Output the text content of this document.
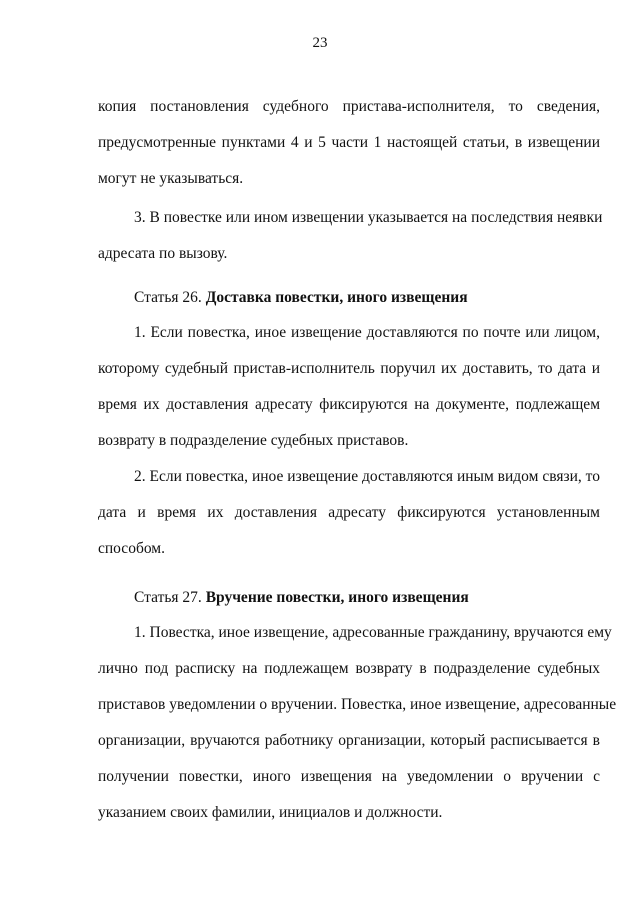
23
копия постановления судебного пристава-исполнителя, то сведения,
предусмотренные пунктами 4 и 5 части 1 настоящей статьи, в извещении
могут не указываться.
3. В повестке или ином извещении указывается на последствия неявки
адресата по вызову.
Статья 26. Доставка повестки, иного извещения
1. Если повестка, иное извещение доставляются по почте или лицом,
которому судебный пристав-исполнитель поручил их доставить, то дата и
время их доставления адресату фиксируются на документе, подлежащем
возврату в подразделение судебных приставов.
2. Если повестка, иное извещение доставляются иным видом связи, то
дата и время их доставления адресату фиксируются установленным
способом.
Статья 27. Вручение повестки, иного извещения
1. Повестка, иное извещение, адресованные гражданину, вручаются ему
лично под расписку на подлежащем возврату в подразделение судебных
приставов уведомлении о вручении. Повестка, иное извещение, адресованные
организации, вручаются работнику организации, который расписывается в
получении повестки, иного извещения на уведомлении о вручении с
указанием своих фамилии, инициалов и должности.
